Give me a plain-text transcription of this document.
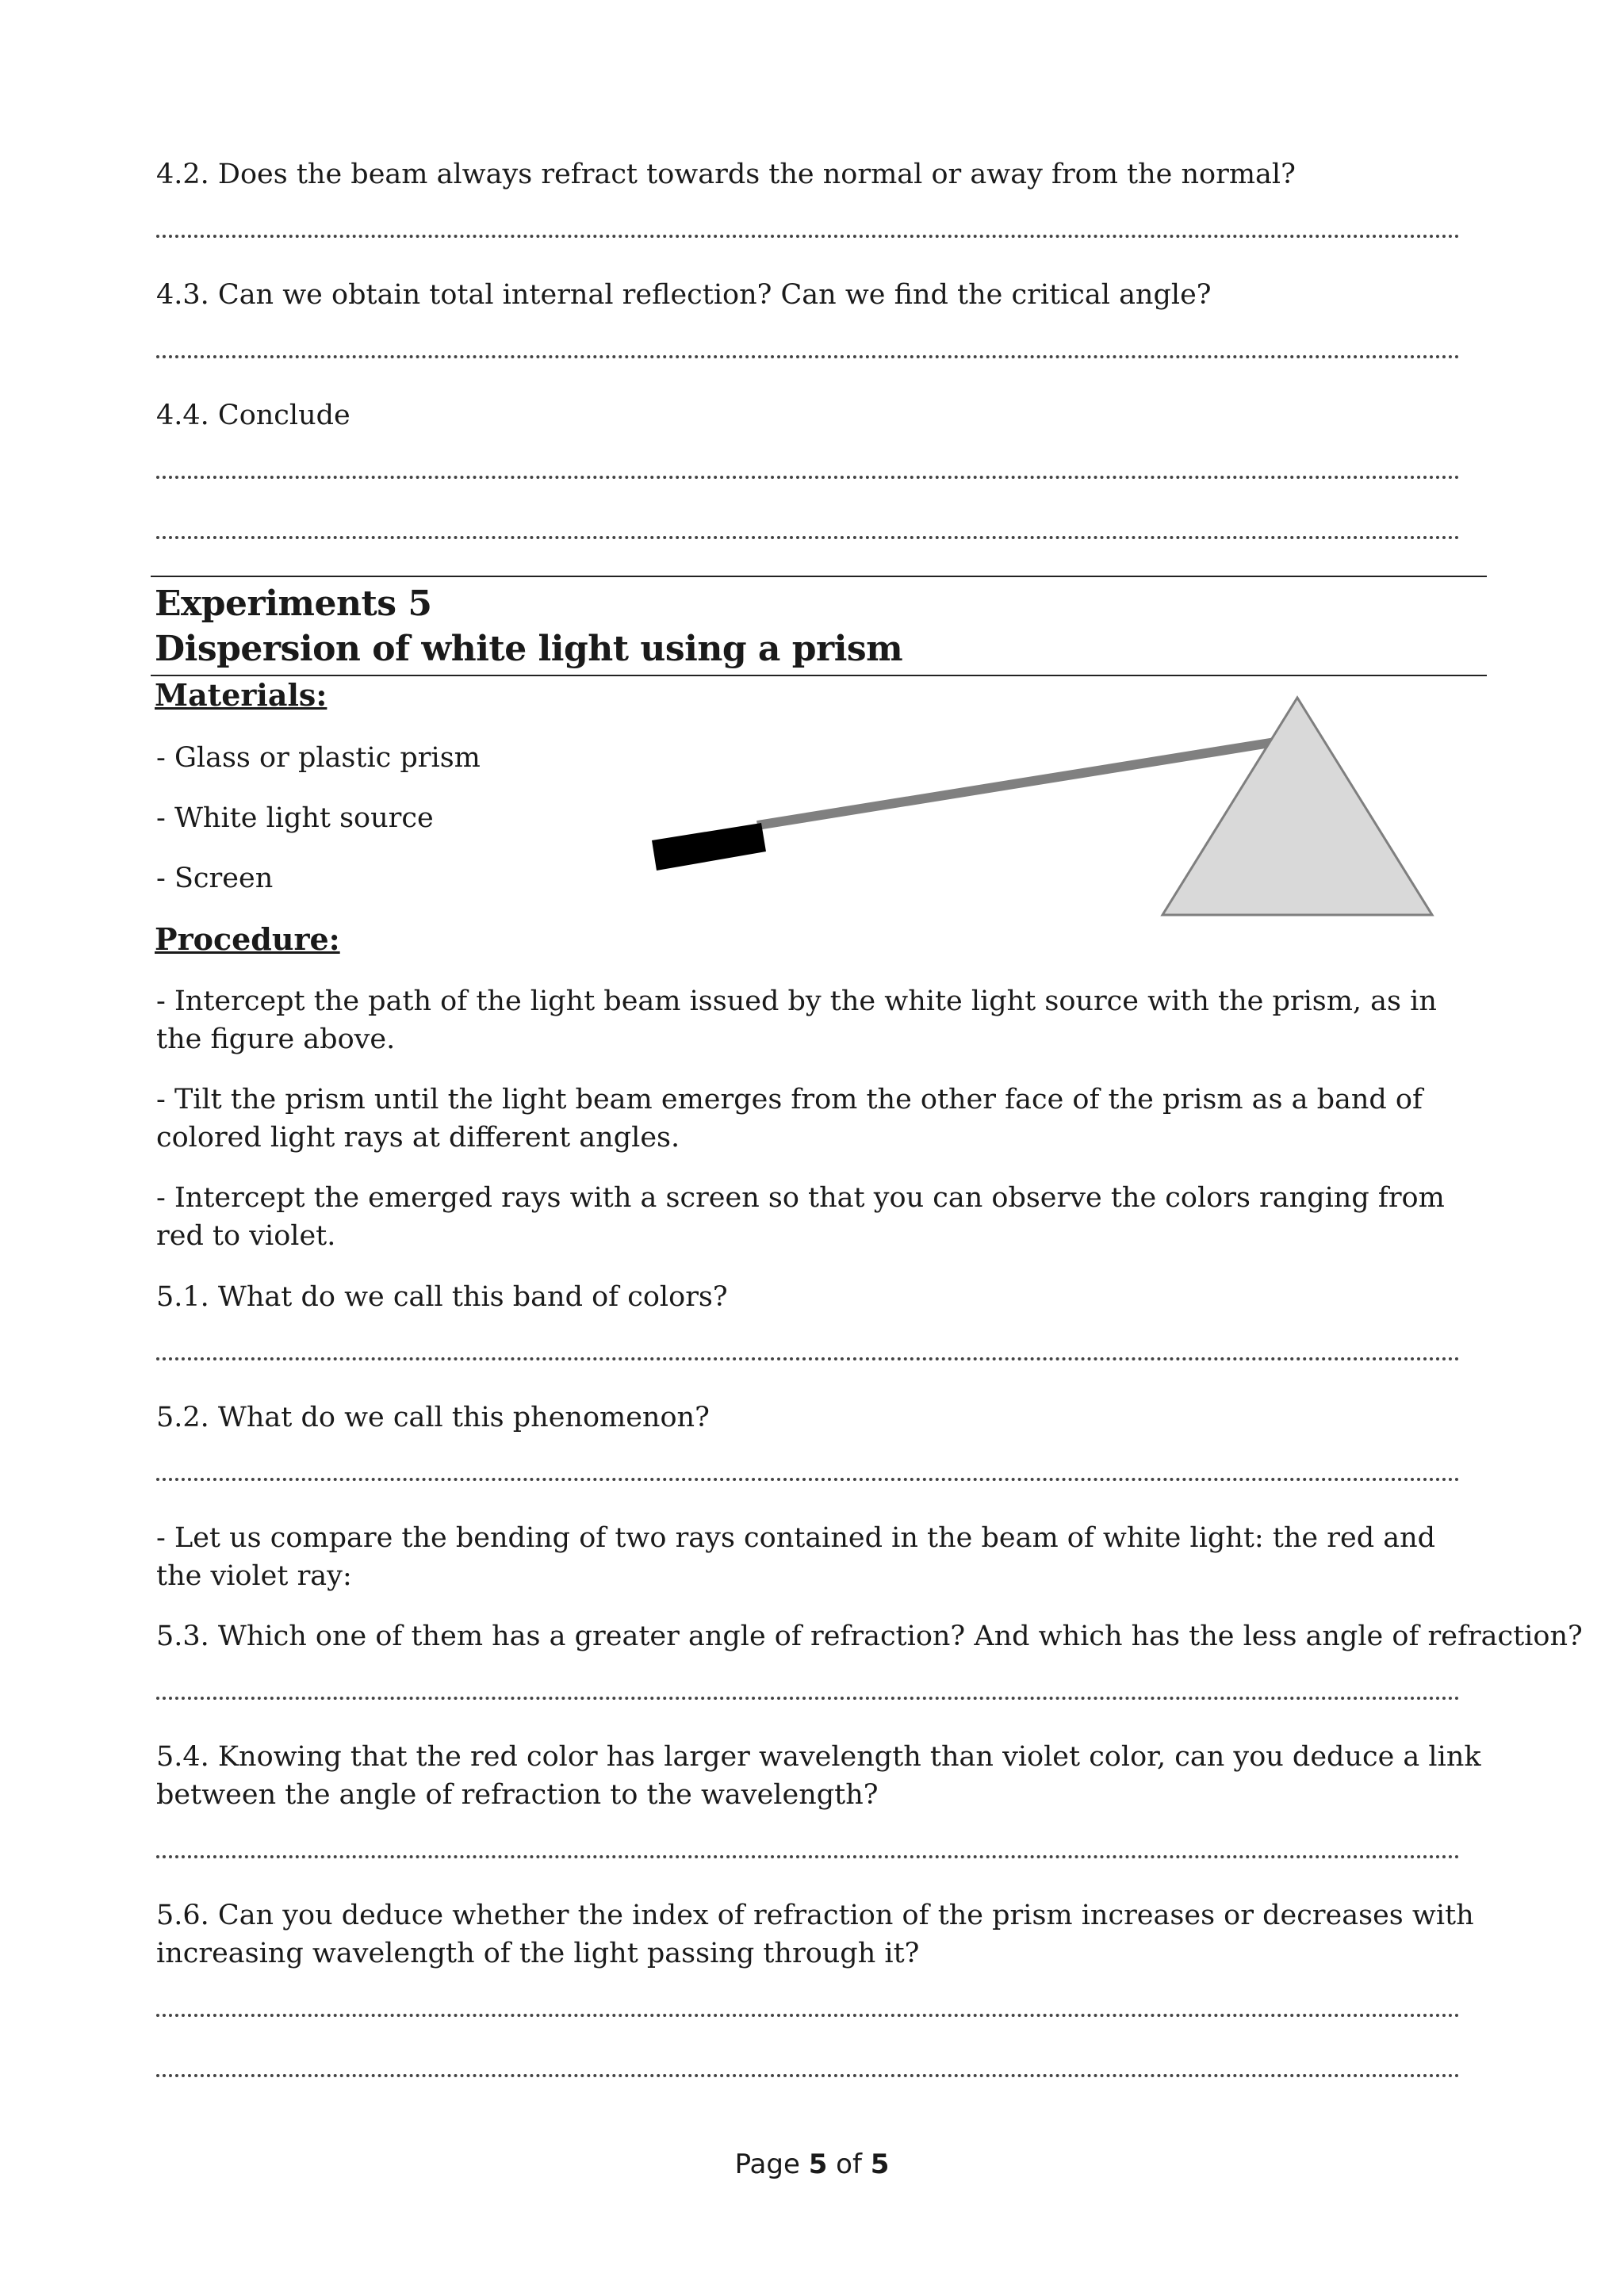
4.2. Does the beam always refract towards the normal or away from the normal?
4.3. Can we obtain total internal reflection? Can we find the critical angle?
4.4. Conclude
Experiments 5
Dispersion of white light using a prism
Materials:
- Glass or plastic prism
- White light source
- Screen
Procedure:
- Intercept the path of the light beam issued by the white light source with the prism, as in the figure above.
- Tilt the prism until the light beam emerges from the other face of the prism as a band of colored light rays at different angles.
- Intercept the emerged rays with a screen so that you can observe the colors ranging from red to violet.
5.1. What do we call this band of colors?
5.2. What do we call this phenomenon?
- Let us compare the bending of two rays contained in the beam of white light: the red and the violet ray:
5.3. Which one of them has a greater angle of refraction? And which has the less angle of refraction?
5.4. Knowing that the red color has larger wavelength than violet color, can you deduce a link between the angle of refraction to the wavelength?
5.6. Can you deduce whether the index of refraction of the prism increases or decreases with increasing wavelength of the light passing through it?
Page 5 of 5
